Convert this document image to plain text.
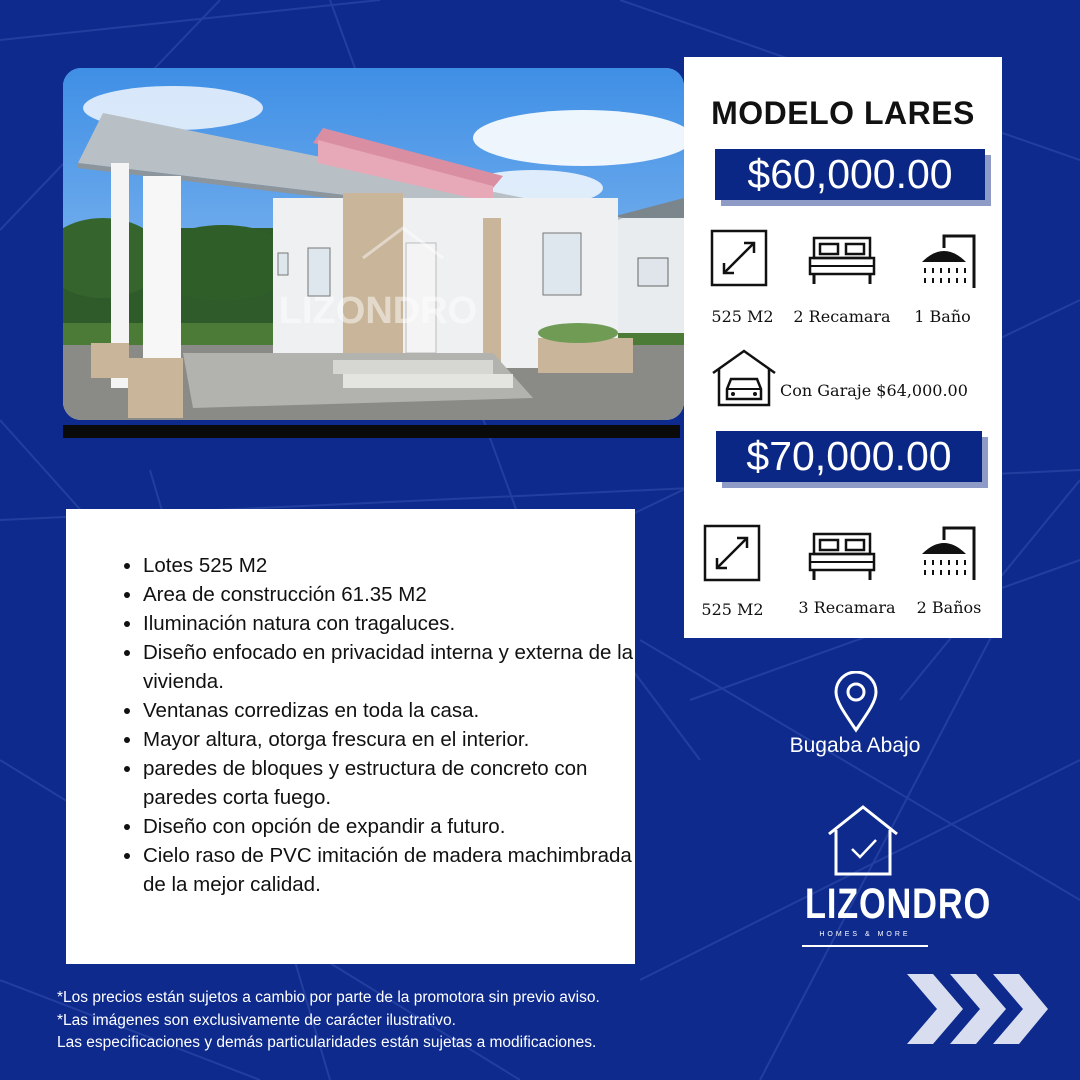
LIZONDRO
MODELO LARES
$60,000.00
525 M2	2 Recamara	1 Baño
Con Garaje $64,000.00
$70,000.00
525 M2	3 Recamara	2 Baños
• Lotes 525 M2
• Area de construcción 61.35 M2
• Iluminación natura con tragaluces.
• Diseño enfocado en privacidad interna y externa de la vivienda.
• Ventanas corredizas en toda la casa.
• Mayor altura, otorga frescura en el interior.
• paredes de bloques y estructura de concreto con paredes corta fuego.
• Diseño con opción de expandir a futuro.
• Cielo raso de PVC imitación de madera machimbrada de la mejor calidad.
Bugaba Abajo
LIZONDRO
HOMES & MORE
*Los precios están sujetos a cambio por parte de la promotora sin previo aviso.
*Las imágenes son exclusivamente de carácter ilustrativo.
Las especificaciones y demás particularidades están sujetas a modificaciones.
